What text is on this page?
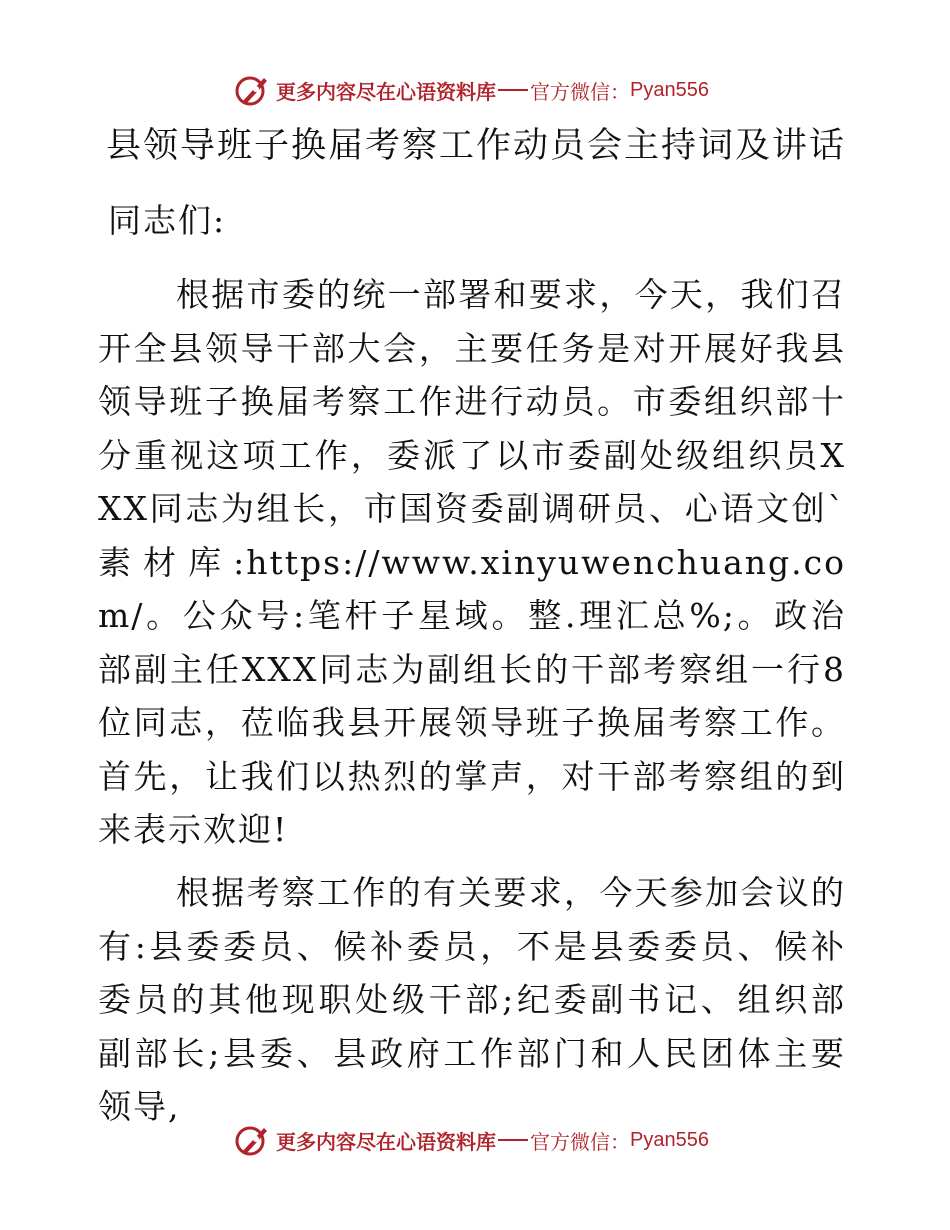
更多内容尽在心语资料库 官方微信： Pyan556
县领导班子换届考察工作动员会主持词及讲话
同志们:
根据市委的统一部署和要求，今天，我们召开全县领导干部大会，主要任务是对开展好我县领导班子换届考察工作进行动员。市委组织部十分重视这项工作，委派了以市委副处级组织员XXX同志为组长，市国资委副调研员、心语文创`素材库:https://www.xinyuwenchuang.com/。公众号:笔杆子星域。整.理汇总%;。政治部副主任XXX同志为副组长的干部考察组一行8位同志，莅临我县开展领导班子换届考察工作。首先，让我们以热烈的掌声，对干部考察组的到来表示欢迎!
根据考察工作的有关要求，今天参加会议的有:县委委员、候补委员，不是县委委员、候补委员的其他现职处级干部;纪委副书记、组织部副部长;县委、县政府工作部门和人民团体主要领导,
更多内容尽在心语资料库 官方微信： Pyan556
